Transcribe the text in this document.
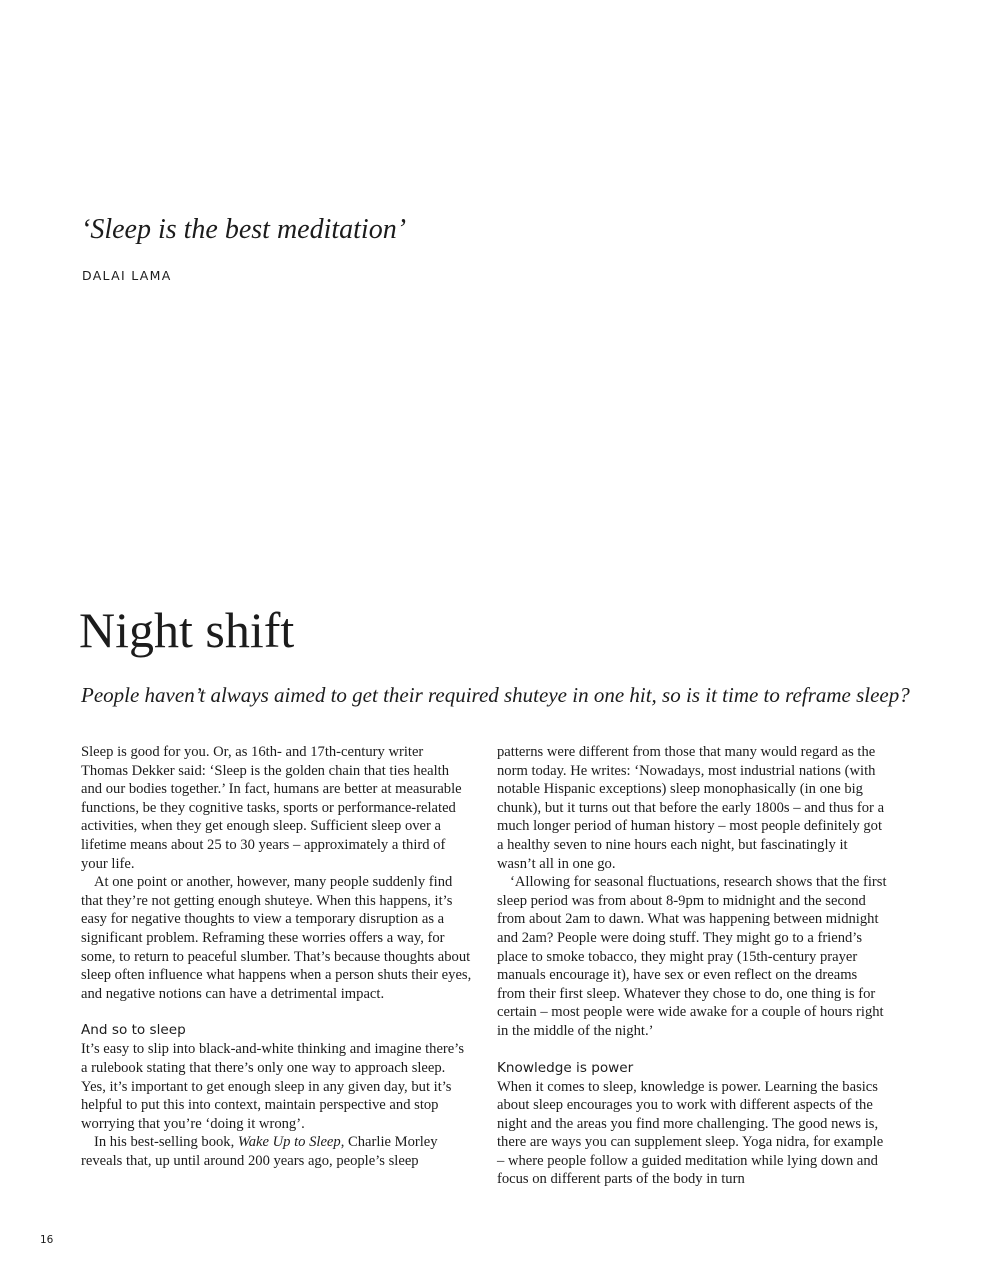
‘Sleep is the best meditation’

DALAI LAMA

Night shift

People haven’t always aimed to get their required shuteye in one hit, so is it time to reframe sleep?

Sleep is good for you. Or, as 16th- and 17th-century writer Thomas Dekker said: ‘Sleep is the golden chain that ties health and our bodies together.’ In fact, humans are better at measurable functions, be they cognitive tasks, sports or performance-related activities, when they get enough sleep. Sufficient sleep over a lifetime means about 25 to 30 years – approximately a third of your life.

At one point or another, however, many people suddenly find that they’re not getting enough shuteye. When this happens, it’s easy for negative thoughts to view a temporary disruption as a significant problem. Reframing these worries offers a way, for some, to return to peaceful slumber. That’s because thoughts about sleep often influence what happens when a person shuts their eyes, and negative notions can have a detrimental impact.

And so to sleep

It’s easy to slip into black-and-white thinking and imagine there’s a rulebook stating that there’s only one way to approach sleep. Yes, it’s important to get enough sleep in any given day, but it’s helpful to put this into context, maintain perspective and stop worrying that you’re ‘doing it wrong’.

In his best-selling book, Wake Up to Sleep, Charlie Morley reveals that, up until around 200 years ago, people’s sleep

patterns were different from those that many would regard as the norm today. He writes: ‘Nowadays, most industrial nations (with notable Hispanic exceptions) sleep monophasically (in one big chunk), but it turns out that before the early 1800s – and thus for a much longer period of human history – most people definitely got a healthy seven to nine hours each night, but fascinatingly it wasn’t all in one go.

‘Allowing for seasonal fluctuations, research shows that the first sleep period was from about 8-9pm to midnight and the second from about 2am to dawn. What was happening between midnight and 2am? People were doing stuff. They might go to a friend’s place to smoke tobacco, they might pray (15th-century prayer manuals encourage it), have sex or even reflect on the dreams from their first sleep. Whatever they chose to do, one thing is for certain – most people were wide awake for a couple of hours right in the middle of the night.’

Knowledge is power

When it comes to sleep, knowledge is power. Learning the basics about sleep encourages you to work with different aspects of the night and the areas you find more challenging. The good news is, there are ways you can supplement sleep. Yoga nidra, for example – where people follow a guided meditation while lying down and focus on different parts of the body in turn

16
